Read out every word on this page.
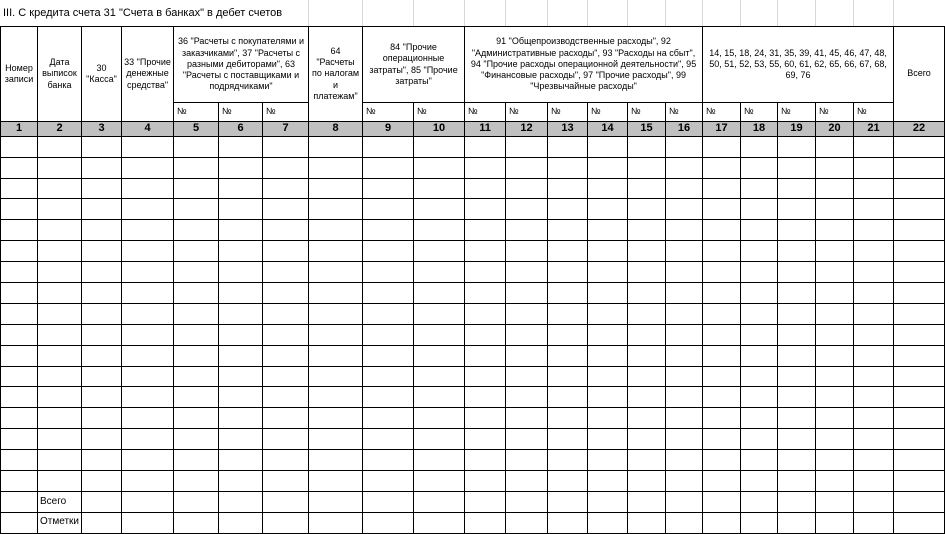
III. С кредита счета 31 "Счета в банках" в дебет счетов
Номер записи	Дата выписок банка	30 "Касса"	33 "Прочие денежные средства"	36 "Расчеты с покупателями и заказчиками", 37 "Расчеты с разными дебиторами", 63 "Расчеты с поставщиками и подрядчиками"			64 "Расчеты по налогам и платежам"	84 "Прочие операционные затраты", 85 "Прочие затраты"		91 "Общепроизводственные расходы", 92 "Административные расходы", 93 "Расходы на сбыт", 94 "Прочие расходы операционной деятельности", 95 "Финансовые расходы", 97 "Прочие расходы", 99 "Чрезвычайные расходы"						14, 15, 18, 24, 31, 35, 39, 41, 45, 46, 47, 48, 50, 51, 52, 53, 55, 60, 61, 62, 65, 66, 67, 68, 69, 76					Всего
				№	№	№		№	№	№	№	№	№	№	№	№	№	№	№	№	
1	2	3	4	5	6	7	8	9	10	11	12	13	14	15	16	17	18	19	20	21	22

	Всего																				
	Отметки																				
